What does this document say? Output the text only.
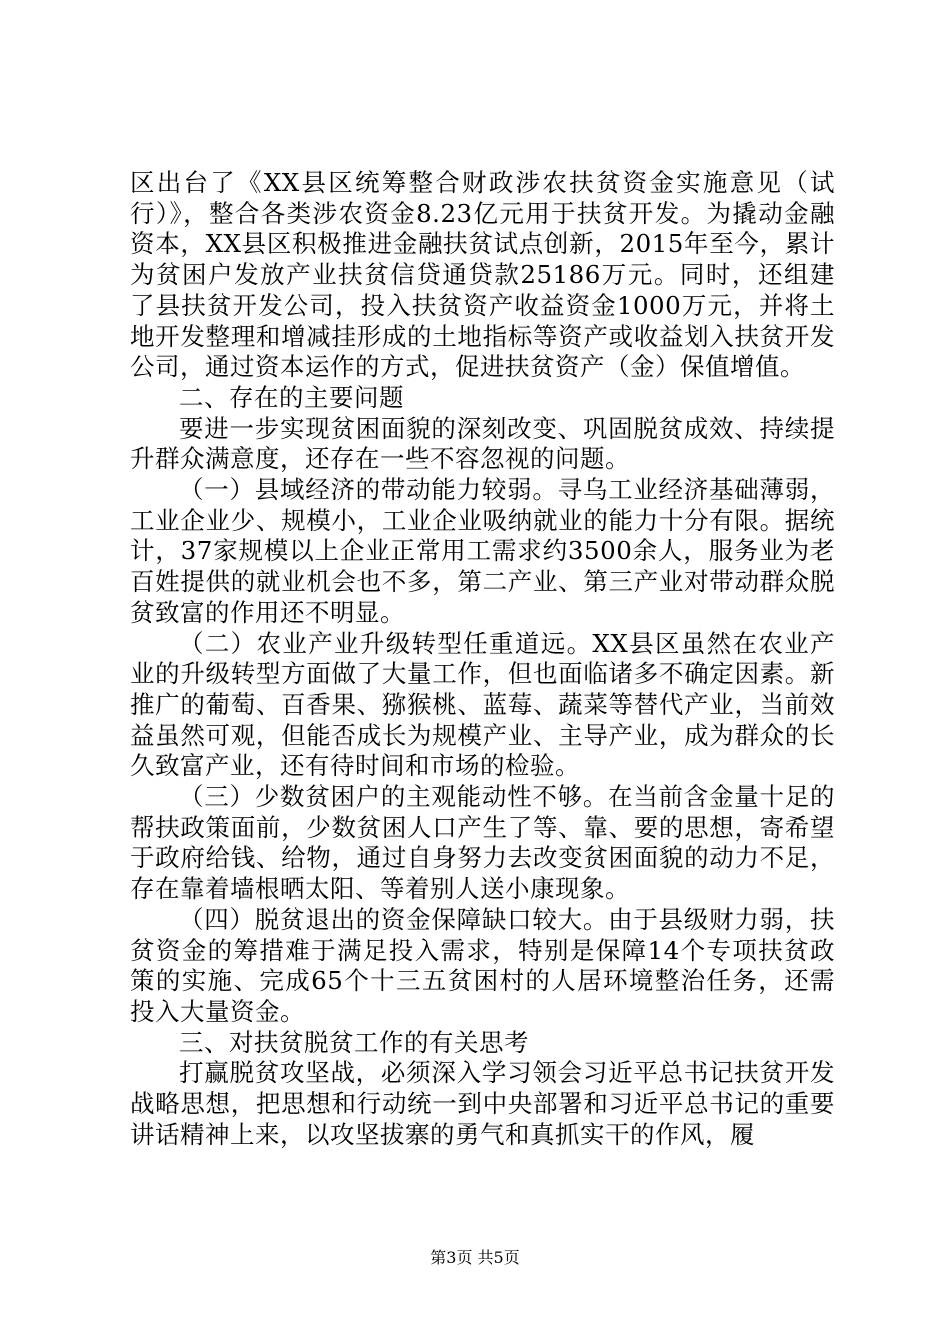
区出台了《XX县区统筹整合财政涉农扶贫资金实施意见（试行）》，整合各类涉农资金8.23亿元用于扶贫开发。为撬动金融资本，XX县区积极推进金融扶贫试点创新，2015年至今，累计为贫困户发放产业扶贫信贷通贷款25186万元。同时，还组建了县扶贫开发公司，投入扶贫资产收益资金1000万元，并将土地开发整理和增减挂形成的土地指标等资产或收益划入扶贫开发公司，通过资本运作的方式，促进扶贫资产（金）保值增值。

二、存在的主要问题

要进一步实现贫困面貌的深刻改变、巩固脱贫成效、持续提升群众满意度，还存在一些不容忽视的问题。

（一）县域经济的带动能力较弱。寻乌工业经济基础薄弱，工业企业少、规模小，工业企业吸纳就业的能力十分有限。据统计，37家规模以上企业正常用工需求约3500余人，服务业为老百姓提供的就业机会也不多，第二产业、第三产业对带动群众脱贫致富的作用还不明显。

（二）农业产业升级转型任重道远。XX县区虽然在农业产业的升级转型方面做了大量工作，但也面临诸多不确定因素。新推广的葡萄、百香果、猕猴桃、蓝莓、蔬菜等替代产业，当前效益虽然可观，但能否成长为规模产业、主导产业，成为群众的长久致富产业，还有待时间和市场的检验。

（三）少数贫困户的主观能动性不够。在当前含金量十足的帮扶政策面前，少数贫困人口产生了等、靠、要的思想，寄希望于政府给钱、给物，通过自身努力去改变贫困面貌的动力不足，存在靠着墙根晒太阳、等着别人送小康现象。

（四）脱贫退出的资金保障缺口较大。由于县级财力弱，扶贫资金的筹措难于满足投入需求，特别是保障14个专项扶贫政策的实施、完成65个十三五贫困村的人居环境整治任务，还需投入大量资金。

三、对扶贫脱贫工作的有关思考

打赢脱贫攻坚战，必须深入学习领会习近平总书记扶贫开发战略思想，把思想和行动统一到中央部署和习近平总书记的重要讲话精神上来，以攻坚拔寨的勇气和真抓实干的作风，履

第3页 共5页
